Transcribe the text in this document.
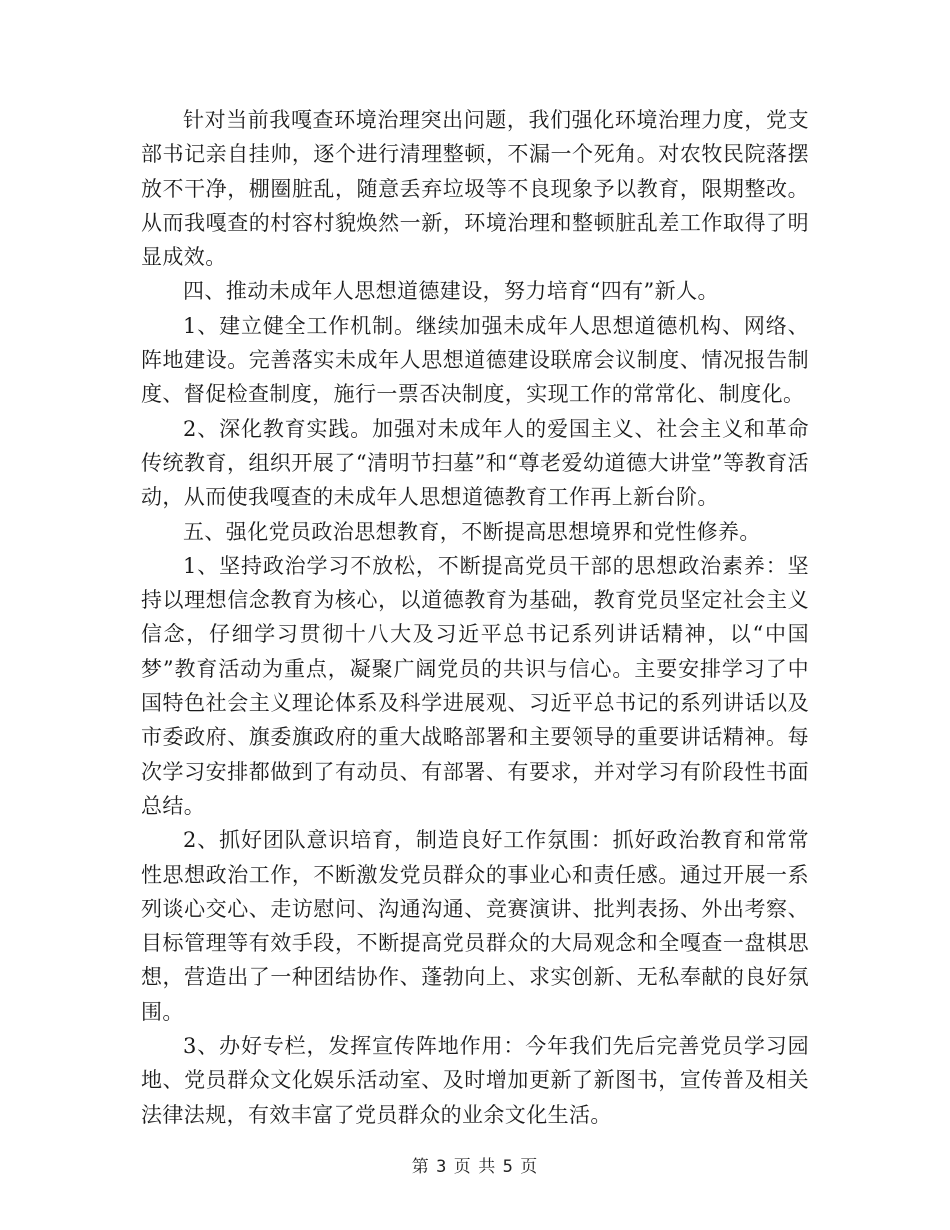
针对当前我嘎查环境治理突出问题，我们强化环境治理力度，党支部书记亲自挂帅，逐个进行清理整顿，不漏一个死角。对农牧民院落摆放不干净，棚圈脏乱，随意丢弃垃圾等不良现象予以教育，限期整改。从而我嘎查的村容村貌焕然一新，环境治理和整顿脏乱差工作取得了明显成效。

四、推动未成年人思想道德建设，努力培育“四有”新人。

1、建立健全工作机制。继续加强未成年人思想道德机构、网络、阵地建设。完善落实未成年人思想道德建设联席会议制度、情况报告制度、督促检查制度，施行一票否决制度，实现工作的常常化、制度化。

2、深化教育实践。加强对未成年人的爱国主义、社会主义和革命传统教育，组织开展了“清明节扫墓”和“尊老爱幼道德大讲堂”等教育活动，从而使我嘎查的未成年人思想道德教育工作再上新台阶。

五、强化党员政治思想教育，不断提高思想境界和党性修养。

1、坚持政治学习不放松，不断提高党员干部的思想政治素养：坚持以理想信念教育为核心，以道德教育为基础，教育党员坚定社会主义信念，仔细学习贯彻十八大及习近平总书记系列讲话精神，以“中国梦”教育活动为重点，凝聚广阔党员的共识与信心。主要安排学习了中国特色社会主义理论体系及科学进展观、习近平总书记的系列讲话以及市委政府、旗委旗政府的重大战略部署和主要领导的重要讲话精神。每次学习安排都做到了有动员、有部署、有要求，并对学习有阶段性书面总结。

2、抓好团队意识培育，制造良好工作氛围：抓好政治教育和常常性思想政治工作，不断激发党员群众的事业心和责任感。通过开展一系列谈心交心、走访慰问、沟通沟通、竞赛演讲、批判表扬、外出考察、目标管理等有效手段，不断提高党员群众的大局观念和全嘎查一盘棋思想，营造出了一种团结协作、蓬勃向上、求实创新、无私奉献的良好氛围。

3、办好专栏，发挥宣传阵地作用：今年我们先后完善党员学习园地、党员群众文化娱乐活动室、及时增加更新了新图书，宣传普及相关法律法规，有效丰富了党员群众的业余文化生活。

第 3 页 共 5 页
